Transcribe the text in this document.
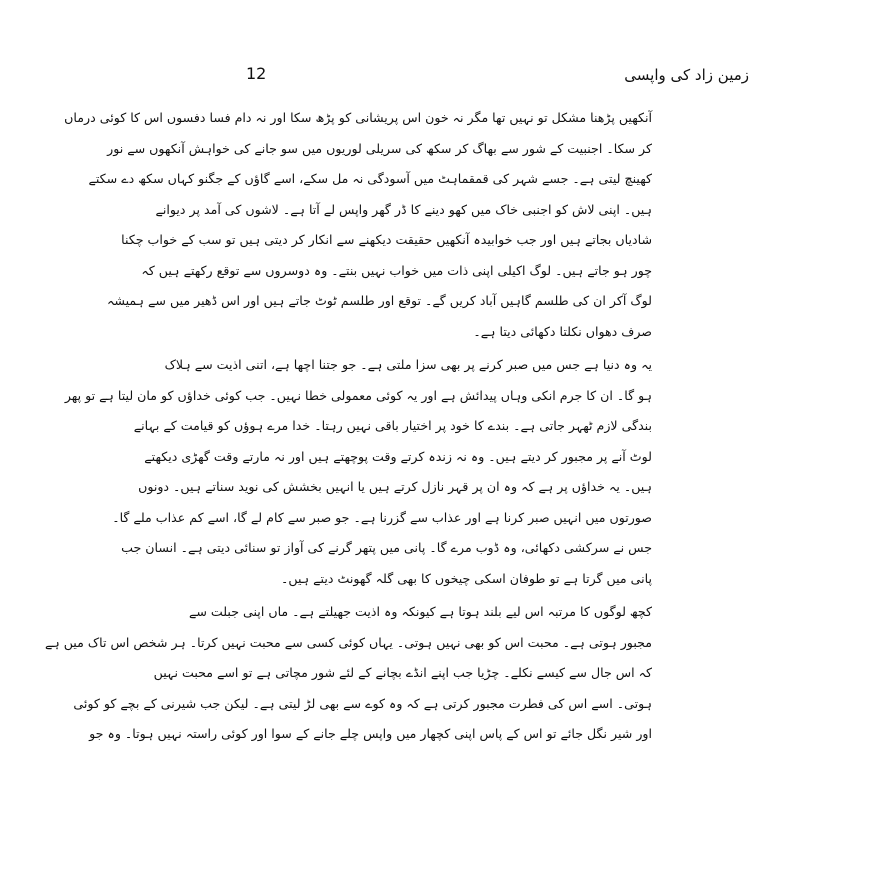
زمین زاد کی واپسی
12
آنکھیں پڑھنا مشکل تو نہیں تھا مگر نہ خون اس پریشانی کو پڑھ سکا اور نہ دام فسا دفسوں اس کا کوئی درماں
کر سکا۔ اجنبیت کے شور سے بھاگ کر سکھ کی سریلی لوریوں میں سو جانے کی خواہش آنکھوں سے نور
کھینچ لیتی ہے۔ جسے شہر کی قمقماہٹ میں آسودگی نہ مل سکے، اسے گاؤں کے جگنو کہاں سکھ دے سکتے
ہیں۔ اپنی لاش کو اجنبی خاک میں کھو دینے کا ڈر گھر واپس لے آتا ہے۔ لاشوں کی آمد پر دیوانے
شادیاں بجاتے ہیں اور جب خوابیدہ آنکھیں حقیقت دیکھنے سے انکار کر دیتی ہیں تو سب کے خواب چکنا
چور ہو جاتے ہیں۔ لوگ اکیلی اپنی ذات میں خواب نہیں بنتے۔ وہ دوسروں سے توقع رکھتے ہیں کہ
لوگ آکر ان کی طلسم گاہیں آباد کریں گے۔ توقع اور طلسم ٹوٹ جاتے ہیں اور اس ڈھیر میں سے ہمیشہ
صرف دھواں نکلتا دکھائی دیتا ہے۔
یہ وہ دنیا ہے جس میں صبر کرنے پر بھی سزا ملتی ہے۔ جو جتنا اچھا ہے، اتنی اذیت سے ہلاک
ہو گا۔ ان کا جرم انکی وہاں پیدائش ہے اور یہ کوئی معمولی خطا نہیں۔ جب کوئی خداؤں کو مان لیتا ہے تو پھر
بندگی لازم ٹھہر جاتی ہے۔ بندے کا خود پر اختیار باقی نہیں رہتا۔ خدا مرے ہوؤں کو قیامت کے بہانے
لوٹ آنے پر مجبور کر دیتے ہیں۔ وہ نہ زندہ کرتے وقت پوچھتے ہیں اور نہ مارتے وقت گھڑی دیکھتے
ہیں۔ یہ خداؤں پر ہے کہ وہ ان پر قہر نازل کرتے ہیں یا انہیں بخشش کی نوید سناتے ہیں۔ دونوں
صورتوں میں انہیں صبر کرنا ہے اور عذاب سے گزرنا ہے۔ جو صبر سے کام لے گا، اسے کم عذاب ملے گا۔
جس نے سرکشی دکھائی، وہ ڈوب مرے گا۔ پانی میں پتھر گرنے کی آواز تو سنائی دیتی ہے۔ انسان جب
پانی میں گرتا ہے تو طوفان اسکی چیخوں کا بھی گلہ گھونٹ دیتے ہیں۔
کچھ لوگوں کا مرتبہ اس لیے بلند ہوتا ہے کیونکہ وہ اذیت جھیلتے ہے۔ ماں اپنی جبلت سے
مجبور ہوتی ہے۔ محبت اس کو بھی نہیں ہوتی۔ یہاں کوئی کسی سے محبت نہیں کرتا۔ ہر شخص اس تاک میں ہے
کہ اس جال سے کیسے نکلے۔ چڑیا جب اپنے انڈے بچانے کے لئے شور مچاتی ہے تو اسے محبت نہیں
ہوتی۔ اسے اس کی فطرت مجبور کرتی ہے کہ وہ کوے سے بھی لڑ لیتی ہے۔ لیکن جب شیرنی کے بچے کو کوئی
اور شیر نگل جائے تو اس کے پاس اپنی کچھار میں واپس چلے جانے کے سوا اور کوئی راستہ نہیں ہوتا۔ وہ جو
